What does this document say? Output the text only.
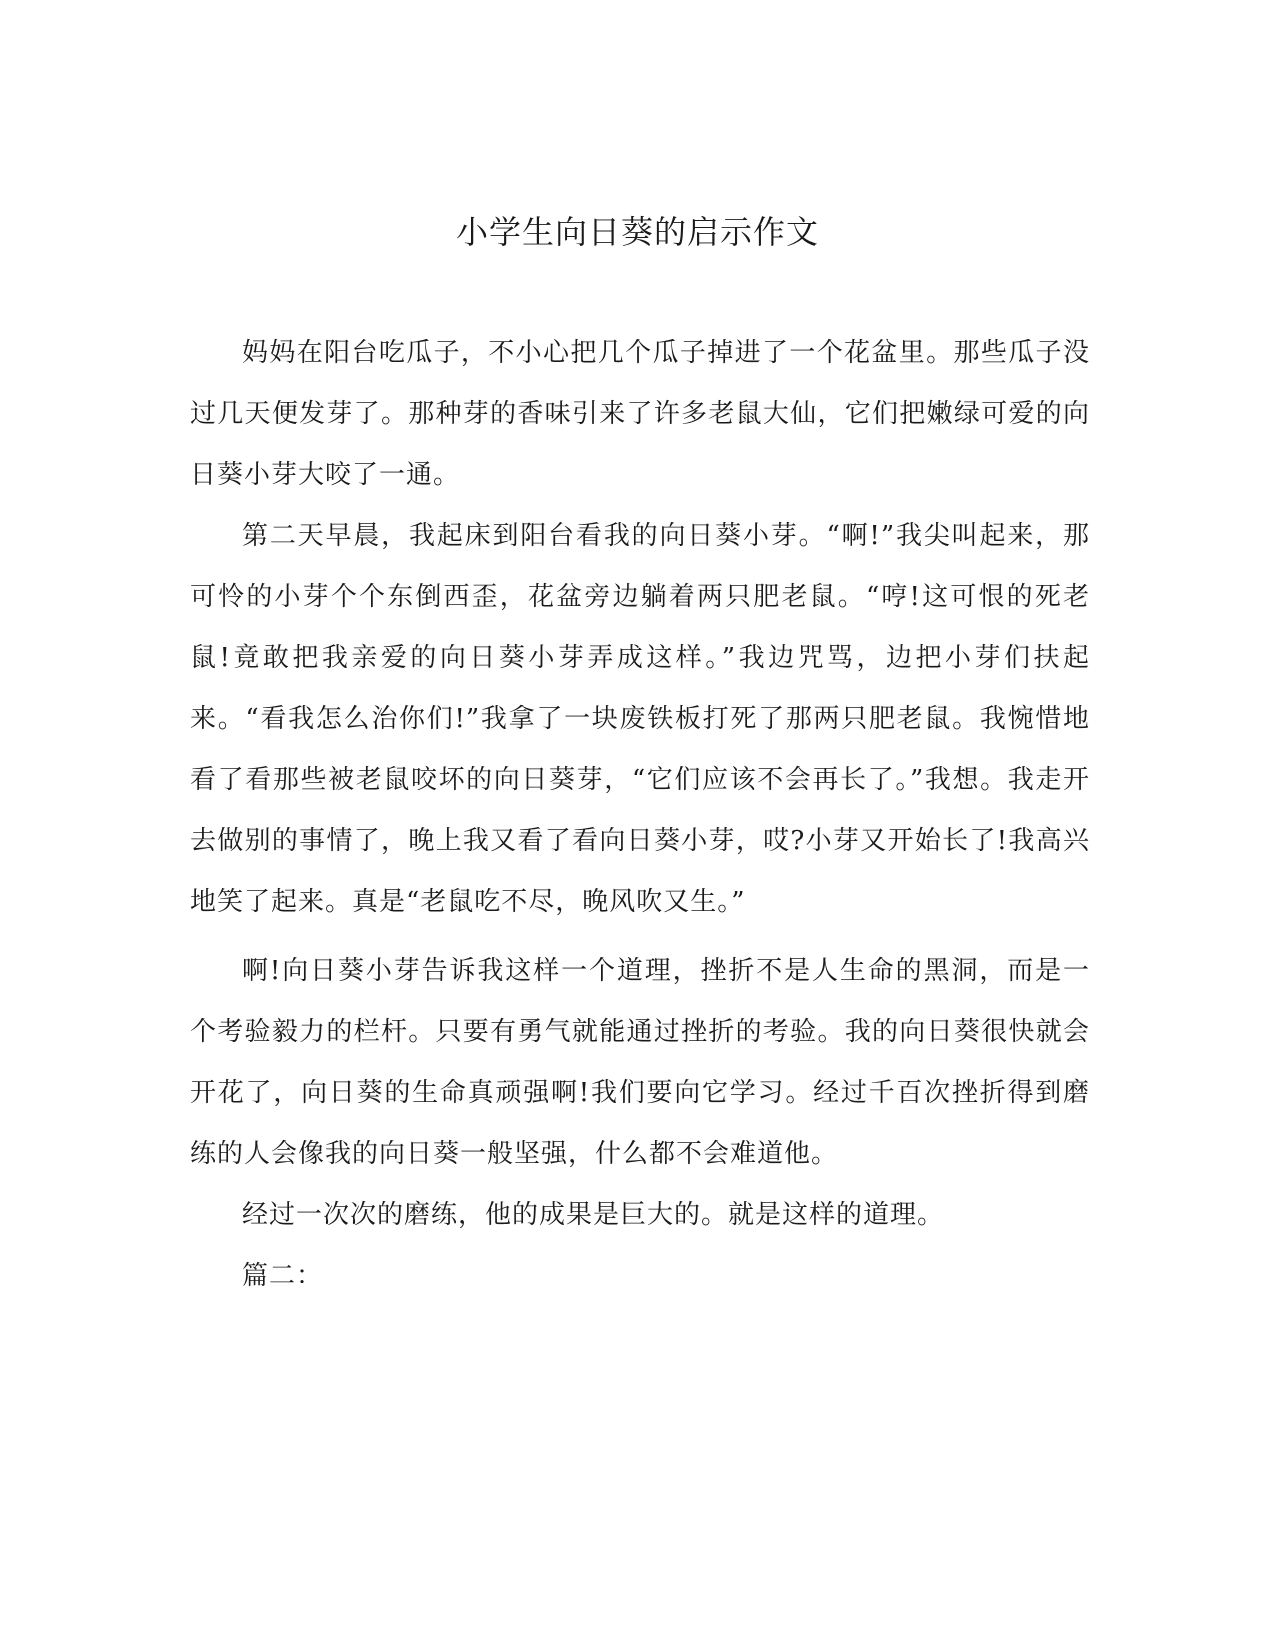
小学生向日葵的启示作文

妈妈在阳台吃瓜子，不小心把几个瓜子掉进了一个花盆里。那些瓜子没过几天便发芽了。那种芽的香味引来了许多老鼠大仙，它们把嫩绿可爱的向日葵小芽大咬了一通。

第二天早晨，我起床到阳台看我的向日葵小芽。“啊!”我尖叫起来，那可怜的小芽个个东倒西歪，花盆旁边躺着两只肥老鼠。“哼!这可恨的死老鼠!竟敢把我亲爱的向日葵小芽弄成这样。”我边咒骂，边把小芽们扶起来。“看我怎么治你们!”我拿了一块废铁板打死了那两只肥老鼠。我惋惜地看了看那些被老鼠咬坏的向日葵芽，“它们应该不会再长了。”我想。我走开去做别的事情了，晚上我又看了看向日葵小芽，哎?小芽又开始长了!我高兴地笑了起来。真是“老鼠吃不尽，晚风吹又生。”

啊!向日葵小芽告诉我这样一个道理，挫折不是人生命的黑洞，而是一个考验毅力的栏杆。只要有勇气就能通过挫折的考验。我的向日葵很快就会开花了，向日葵的生命真顽强啊!我们要向它学习。经过千百次挫折得到磨练的人会像我的向日葵一般坚强，什么都不会难道他。

经过一次次的磨练，他的成果是巨大的。就是这样的道理。

篇二：
